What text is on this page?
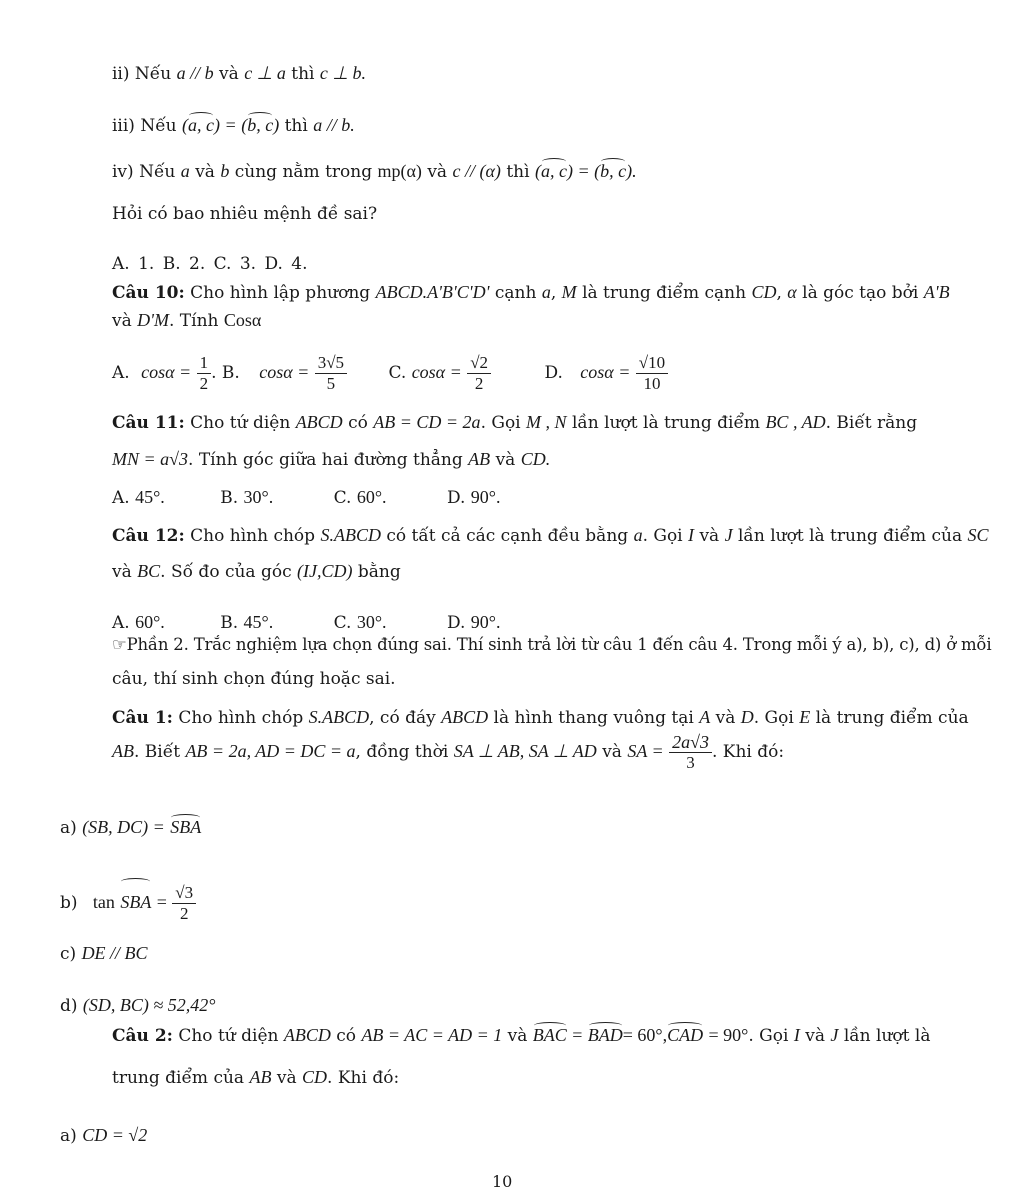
ii) Nếu a // b và c ⊥ a thì c ⊥ b.
iii) Nếu (a, c) = (b, c) thì a // b.
iv) Nếu a và b cùng nằm trong mp(α) và c // (α) thì (a, c) = (b, c).
Hỏi có bao nhiêu mệnh đề sai?
A. 1. B. 2. C. 3. D. 4.
Câu 10: Cho hình lập phương ABCD.A'B'C'D' cạnh a, M là trung điểm cạnh CD, α là góc tạo bởi A'B
và D'M. Tính Cosα
A. $\cos\alpha = \frac{1}{2}$ . B. $\cos\alpha = \frac{3√5}{5} C$. $\cos\alpha = \frac{√2}{2}$	D. $\cos\alpha = \frac{√10}{10}$
Câu 11: Cho tứ diện ABCD có AB = CD = 2a. Gọi M , N lần lượt là trung điểm BC , AD. Biết rằng
MN = a√3. Tính góc giữa hai đường thẳng AB và CD.
A. 45°.	B. 30°.	C. 60°.	D. 90°.
Câu 12: Cho hình chóp S.ABCD có tất cả các cạnh đều bằng a. Gọi I và J lần lượt là trung điểm của SC
và BC. Số đo của góc (IJ,CD) bằng
A. 60°.	B. 45°.	C. 30°.	D. 90°.
☞Phần 2. Trắc nghiệm lựa chọn đúng sai. Thí sinh trả lời từ câu 1 đến câu 4. Trong mỗi ý a), b), c), d) ở mỗi
câu, thí sinh chọn đúng hoặc sai.
Câu 1: Cho hình chóp S.ABCD, có đáy ABCD là hình thang vuông tại A và D. Gọi E là trung điểm của
AB. Biết AB = 2a, AD = DC = a, đồng thời SA ⊥ AB, SA ⊥ AD và SA = $\frac{2a√3}{3}$ . Khi đó:
a) (SB, DC) = SBA
b) tan SBA = $\frac{√3}{2}$
c) DE // BC
d) (SD, BC) ≈ 52,42°
Câu 2: Cho tứ diện ABCD có AB = AC = AD = 1 và BAC = BAD= 60°,CAD = 90°. Gọi I và J lần lượt là
trung điểm của AB và CD. Khi đó:
a) CD = √2
10
